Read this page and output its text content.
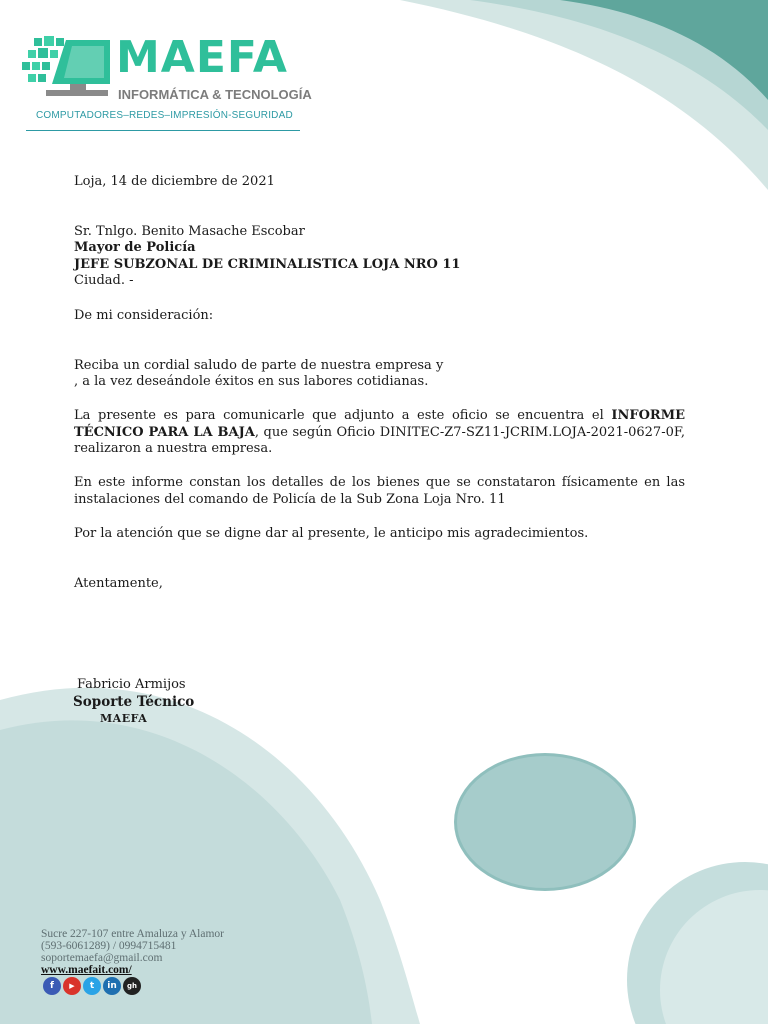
MAEFA
INFORMÁTICA & TECNOLOGÍA
COMPUTADORES–REDES–IMPRESIÓN-SEGURIDAD
Loja, 14 de diciembre de 2021
Sr. Tnlgo. Benito Masache Escobar
Mayor de Policía
JEFE SUBZONAL DE CRIMINALISTICA LOJA NRO 11
Ciudad. -
De mi consideración:
Reciba un cordial saludo de parte de nuestra empresa y
, a la vez deseándole éxitos en sus labores cotidianas.
La presente es para comunicarle que adjunto a este oficio se encuentra el INFORME TÉCNICO PARA LA BAJA, que según Oficio DINITEC-Z7-SZ11-JCRIM.LOJA-2021-0627-0F, realizaron a nuestra empresa.
En este informe constan los detalles de los bienes que se constataron físicamente en las instalaciones del comando de Policía de la Sub Zona Loja Nro. 11
Por la atención que se digne dar al presente, le anticipo mis agradecimientos.
Atentamente,
Fabricio Armijos
Soporte Técnico
MAEFA
Sucre 227-107 entre Amaluza y Alamor
(593-6061289) / 0994715481
soportemaefa@gmail.com
www.maefait.com/
f	▶	t	in	gh
